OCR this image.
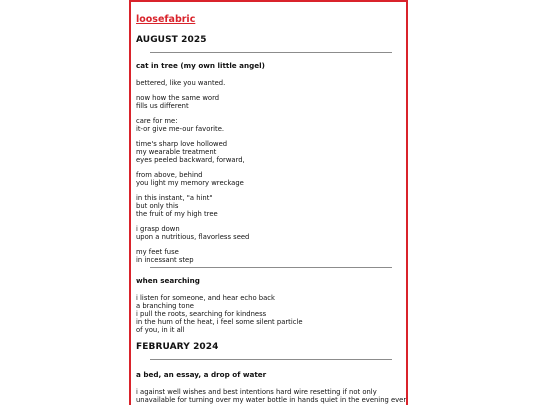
loosefabric
AUGUST 2025
cat in tree (my own little angel)
bettered, like you wanted.
now how the same word
fills us different
care for me:
it-or give me-our favorite.
time's sharp love hollowed
my wearable treatment
eyes peeled backward, forward,
from above, behind
you light my memory wreckage
in this instant, "a hint"
but only this
the fruit of my high tree
i grasp down
upon a nutritious, flavorless seed
my feet fuse
in incessant step
when searching
i listen for someone, and hear echo back
a branching tone
i pull the roots, searching for kindness
in the hum of the heat, i feel some silent particle
of you, in it all
FEBRUARY 2024
a bed, an essay, a drop of water
i against well wishes and best intentions hard wire resetting if not only
unavailable for turning over my water bottle in hands quiet in the evening ever
